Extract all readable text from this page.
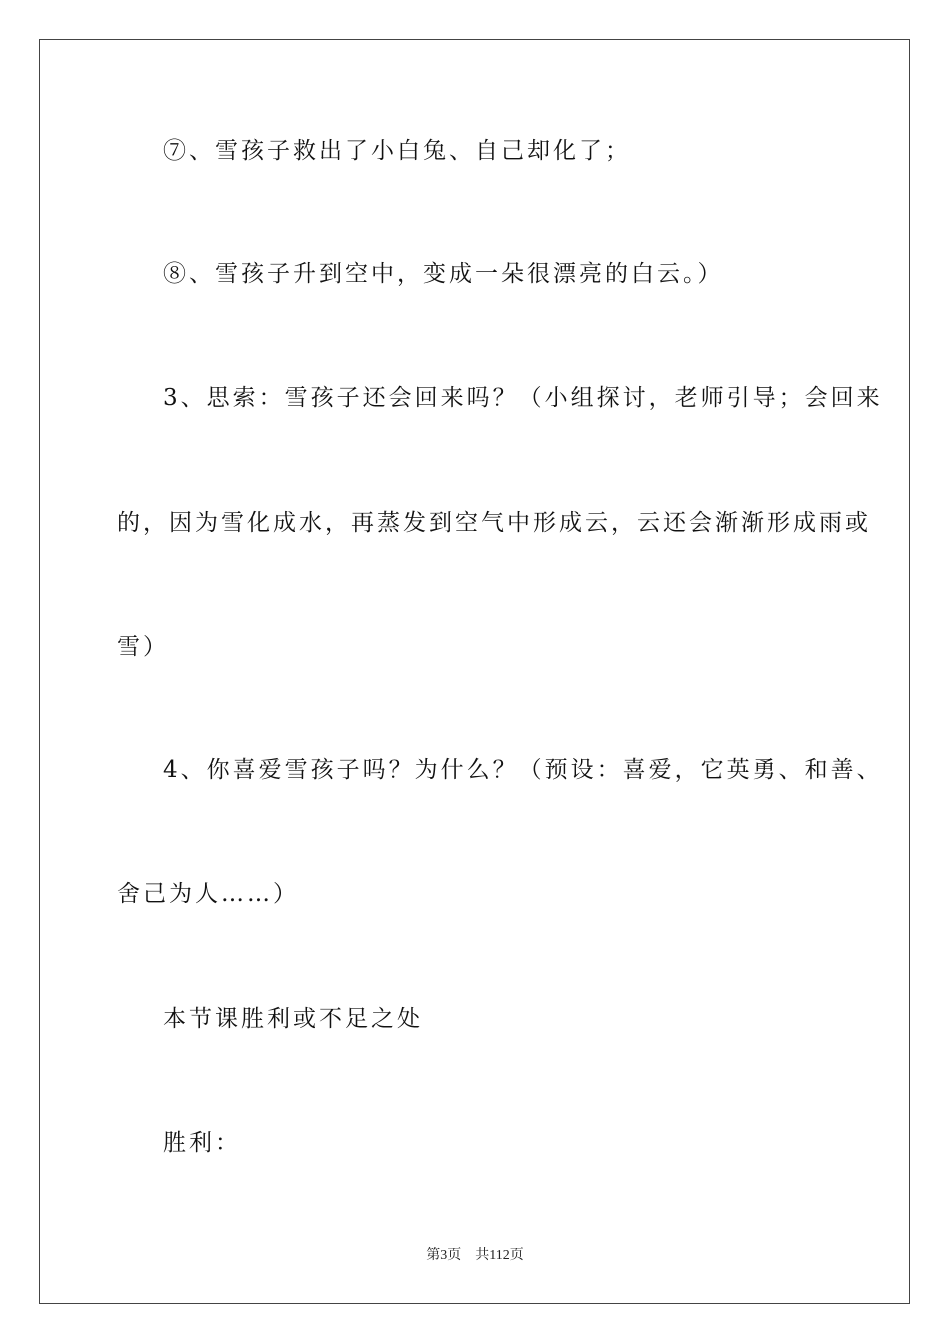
⑦、雪孩子救出了小白兔、自己却化了；

⑧、雪孩子升到空中，变成一朵很漂亮的白云。）

3、思索：雪孩子还会回来吗？（小组探讨，老师引导；会回来

的，因为雪化成水，再蒸发到空气中形成云，云还会渐渐形成雨或

雪）

4、你喜爱雪孩子吗？为什么？（预设：喜爱，它英勇、和善、

舍己为人……）

本节课胜利或不足之处

胜利：

第3页 共112页
